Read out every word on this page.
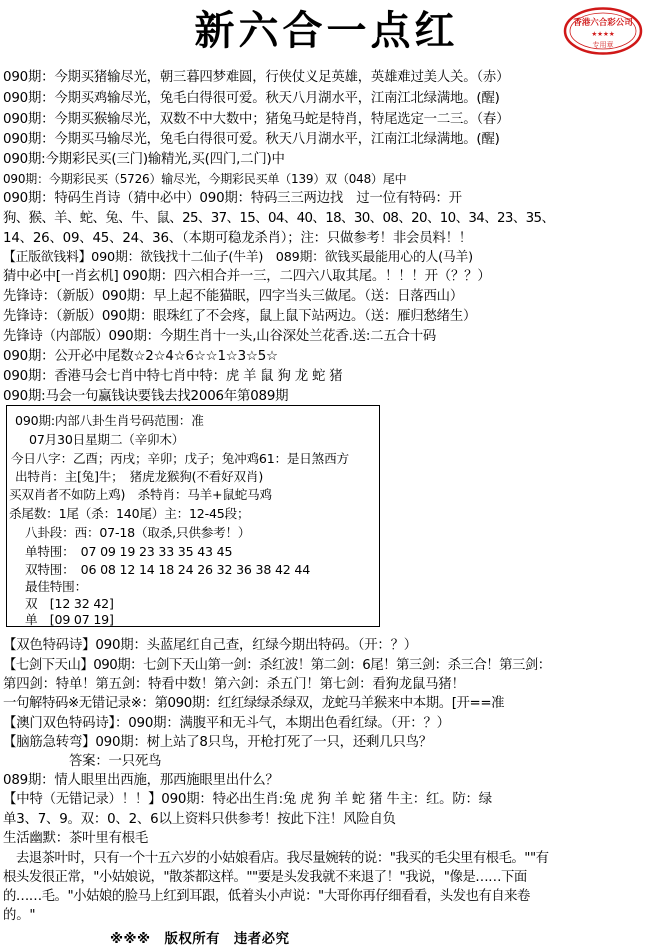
新六合一点红	香港六合彩公司
★★★★
专用章
090期：今期买猪输尽光，朝三暮四梦难圆，行侠仗义足英雄，英雄难过美人关。（赤）
090期：今期买鸡输尽光，兔毛白得很可爱。秋天八月湖水平，江南江北绿满地。(醒)
090期：今期买猴输尽光，双数不中大数中；猪兔马蛇是特肖，特尾选定一二三。（春）
090期：今期买马输尽光，兔毛白得很可爱。秋天八月湖水平，江南江北绿满地。(醒)
090期:今期彩民买(三门)输精光,买(四门,二门)中
090期：今期彩民买（5726）输尽光，今期彩民买单（139）双（048）尾中
090期：特码生肖诗（猜中必中）090期：特码三三两边找　过一位有特码：开
狗、猴、羊、蛇、兔、牛、鼠、25、37、15、04、40、18、30、08、20、10、34、23、35、
14、26、09、45、24、36、（本期可稳龙杀肖）；注：只做参考！非会员料！！
【正版欲钱料】090期：欲钱找十二仙子(牛羊)　089期：欲钱买最能用心的人(马羊)
猜中必中[一肖玄机] 090期：四六相合并一三，二四六八取其尾。！！！开（？？）
先锋诗：（新版）090期：早上起不能猫眠，四字当头三做尾。（送：日落西山）
先锋诗：（新版）090期：眼珠红了不会疼，鼠上鼠下站两边。（送：雁归愁绪生）
先锋诗（内部版）090期：今期生肖十一头,山谷深处兰花香.送:二五合十码
090期：公开必中尾数☆2☆4☆6☆☆1☆3☆5☆
090期：香港马会七肖中特七肖中特：虎 羊 鼠 狗 龙 蛇 猪
090期:马会一句赢钱诀要钱去找2006年第089期
090期:内部八卦生肖号码范围：准
07月30日星期二（辛卯木）
今日八字：乙酉；丙戌；辛卯；戊子；兔冲鸡61：是日煞西方
出特肖：主[兔]牛；　猪虎龙猴狗(不看好双肖)
买双肖者不如防上鸡)　杀特肖：马羊+鼠蛇马鸡
杀尾数：1尾（杀：140尾）主：12-45段；
八卦段：西：07-18（取杀,只供参考！）
单特围：　07 09 19 23 33 35 43 45
双特围：　06 08 12 14 18 24 26 32 36 38 42 44
最佳特围：
双　[12 32 42]
单　[09 07 19]
【双色特码诗】090期：头蓝尾红自己查，红绿今期出特码。（开：？）
【七剑下天山】090期：七剑下天山第一剑：杀红波！第二剑：6尾！第三剑：杀三合！第三剑：
第四剑：特单！第五剑：特看中数！第六剑：杀五门！第七剑：看狗龙鼠马猪！
一句解特码※无错记录※：第090期：红红绿绿杀绿双，龙蛇马羊猴来中本期。[开==准
【澳门双色特码诗】：090期：满腹平和无斗气，本期出色看红绿。（开：？）
【脑筋急转弯】090期：树上站了8只鸟，开枪打死了一只，还剩几只鸟？
　　　　　答案：一只死鸟
089期：情人眼里出西施，那西施眼里出什么？
【中特（无错记录）！！】090期：特必出生肖:兔 虎 狗 羊 蛇 猪 牛主：红。防：绿
单3、7、9。双：0、2、6以上资料只供参考！按此下注！风险自负
生活幽默：茶叶里有根毛
　去退茶叶时，只有一个十五六岁的小姑娘看店。我尽量婉转的说："我买的毛尖里有根毛。""有
根头发很正常，"小姑娘说，"散茶都这样。""要是头发我就不来退了！"我说，"像是……下面
的……毛。"小姑娘的脸马上红到耳跟，低着头小声说："大哥你再仔细看看，头发也有自来卷
的。"
※※※　版权所有　违者必究
